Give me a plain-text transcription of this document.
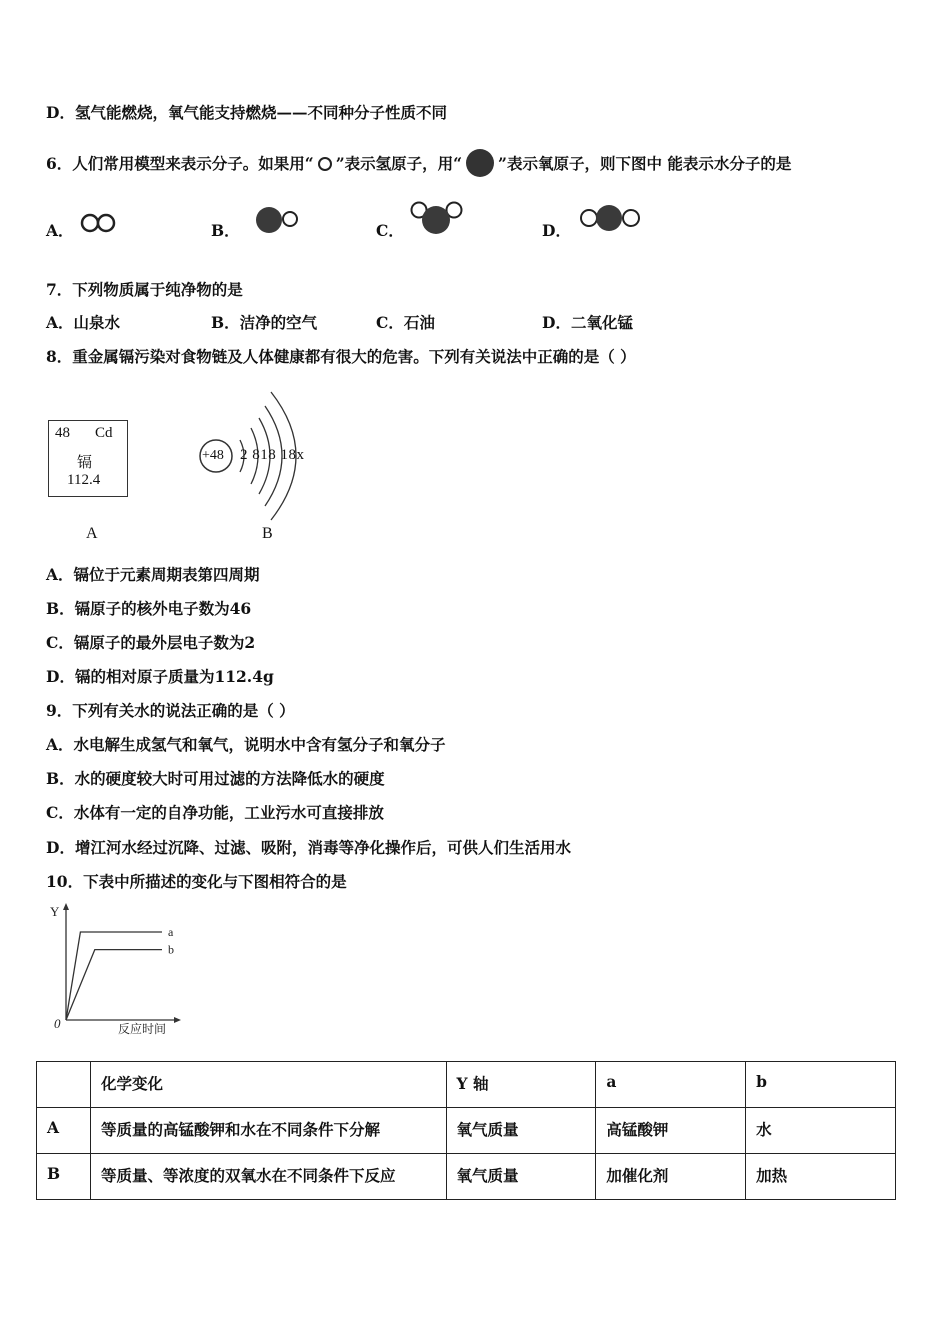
D．氢气能燃烧，氧气能支持燃烧——不同种分子性质不同
6．人们常用模型来表示分子。如果用“ ”表示氢原子，用“ ”表示氧原子，则下图中 能表示水分子的是
A．	B．	C．	D．
7．下列物质属于纯净物的是
A．山泉水	B．洁净的空气	C．石油	D．二氧化锰
8．重金属镉污染对食物链及人体健康都有很大的危害。下列有关说法中正确的是（ ）
48 Cd
镉
112.4
+48 2 818 18x
A	B
A．镉位于元素周期表第四周期
B．镉原子的核外电子数为46
C．镉原子的最外层电子数为2
D．镉的相对原子质量为112.4g
9．下列有关水的说法正确的是（ ）
A．水电解生成氢气和氧气，说明水中含有氢分子和氧分子
B．水的硬度较大时可用过滤的方法降低水的硬度
C．水体有一定的自净功能，工业污水可直接排放
D．增江河水经过沉降、过滤、吸附，消毒等净化操作后，可供人们生活用水
10．下表中所描述的变化与下图相符合的是
Y
0	反应时间
a
b
	化学变化	Y 轴	a	b
A	等质量的高锰酸钾和水在不同条件下分解	氧气质量	高锰酸钾	水
B	等质量、等浓度的双氧水在不同条件下反应	氧气质量	加催化剂	加热
